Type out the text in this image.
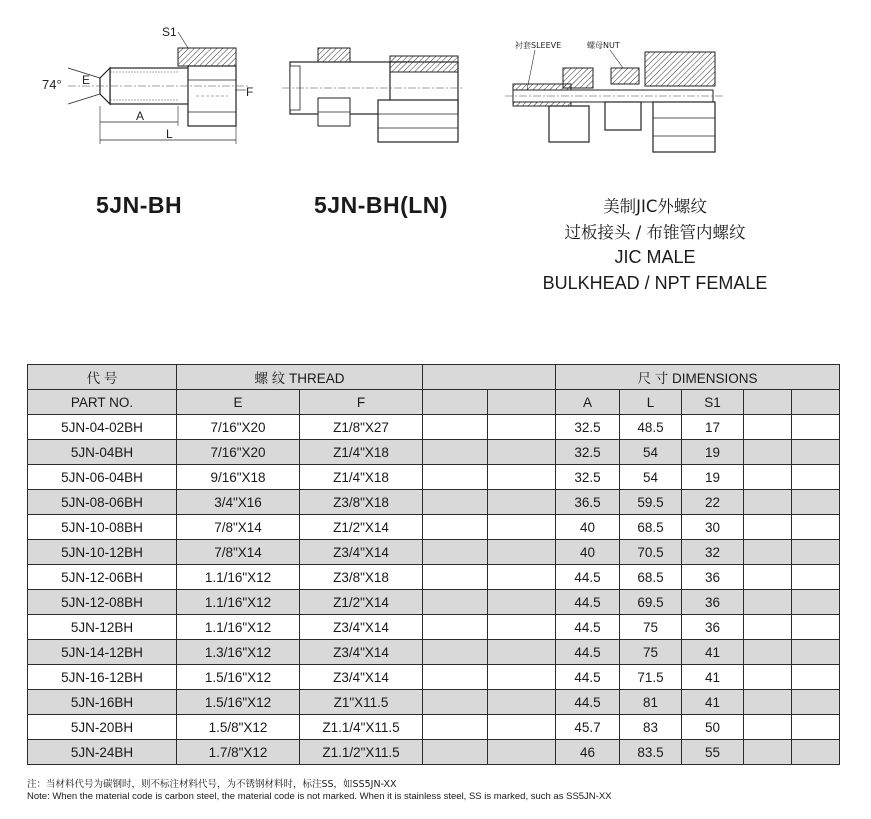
74°
S1
E
F
A
L
衬套SLEEVE	螺母NUT
5JN-BH	5JN-BH(LN)	美制JIC外螺纹
过板接头 / 布锥管内螺纹
JIC MALE
BULKHEAD / NPT FEMALE
代 号	螺 纹 THREAD				尺 寸 DIMENSIONS				
PART NO.	E	F			A	L	S1		
5JN-04-02BH	7/16"X20	Z1/8"X27			32.5	48.5	17		
5JN-04BH	7/16"X20	Z1/4"X18			32.5	54	19		
5JN-06-04BH	9/16"X18	Z1/4"X18			32.5	54	19		
5JN-08-06BH	3/4"X16	Z3/8"X18			36.5	59.5	22		
5JN-10-08BH	7/8"X14	Z1/2"X14			40	68.5	30		
5JN-10-12BH	7/8"X14	Z3/4"X14			40	70.5	32		
5JN-12-06BH	1.1/16"X12	Z3/8"X18			44.5	68.5	36		
5JN-12-08BH	1.1/16"X12	Z1/2"X14			44.5	69.5	36		
5JN-12BH	1.1/16"X12	Z3/4"X14			44.5	75	36		
5JN-14-12BH	1.3/16"X12	Z3/4"X14			44.5	75	41		
5JN-16-12BH	1.5/16"X12	Z3/4"X14			44.5	71.5	41		
5JN-16BH	1.5/16"X12	Z1"X11.5			44.5	81	41		
5JN-20BH	1.5/8"X12	Z1.1/4"X11.5			45.7	83	50		
5JN-24BH	1.7/8"X12	Z1.1/2"X11.5			46	83.5	55		
注：当材料代号为碳钢时，则不标注材料代号，为不锈钢材料时，标注SS，如SS5JN-XX
Note: When the material code is carbon steel, the material code is not marked. When it is stainless steel, SS is marked, such as SS5JN-XX
